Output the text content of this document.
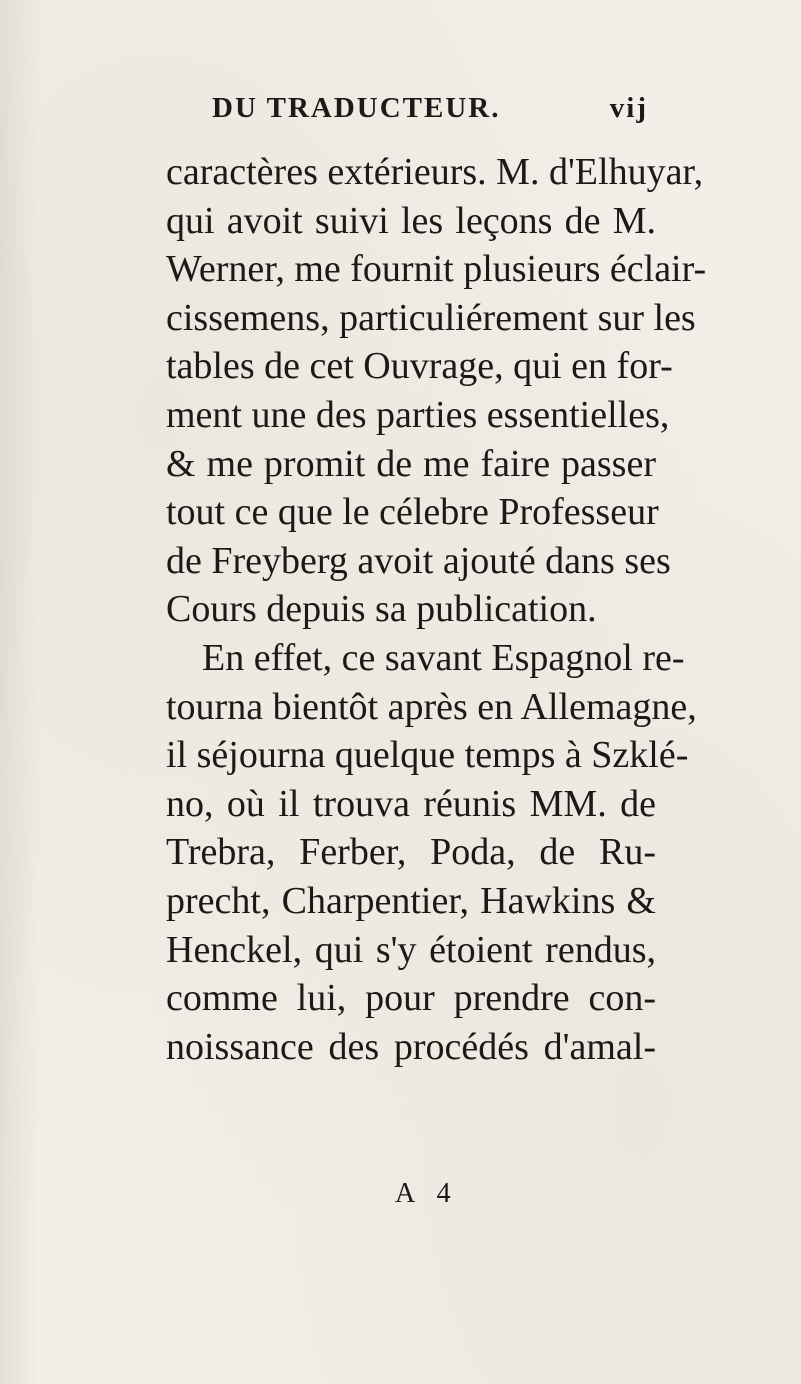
DU TRADUCTEUR.	vij
caractères extérieurs. M. d'Elhuyar,
qui avoit suivi les leçons de M.
Werner, me fournit plusieurs éclair-
cissemens, particuliérement sur les
tables de cet Ouvrage, qui en for-
ment une des parties essentielles,
& me promit de me faire passer
tout ce que le célebre Professeur
de Freyberg avoit ajouté dans ses
Cours depuis sa publication.
En effet, ce savant Espagnol re-
tourna bientôt après en Allemagne,
il séjourna quelque temps à Szklé-
no, où il trouva réunis MM. de
Trebra, Ferber, Poda, de Ru-
precht, Charpentier, Hawkins &
Henckel, qui s'y étoient rendus,
comme lui, pour prendre con-
noissance des procédés d'amal-
A 4
